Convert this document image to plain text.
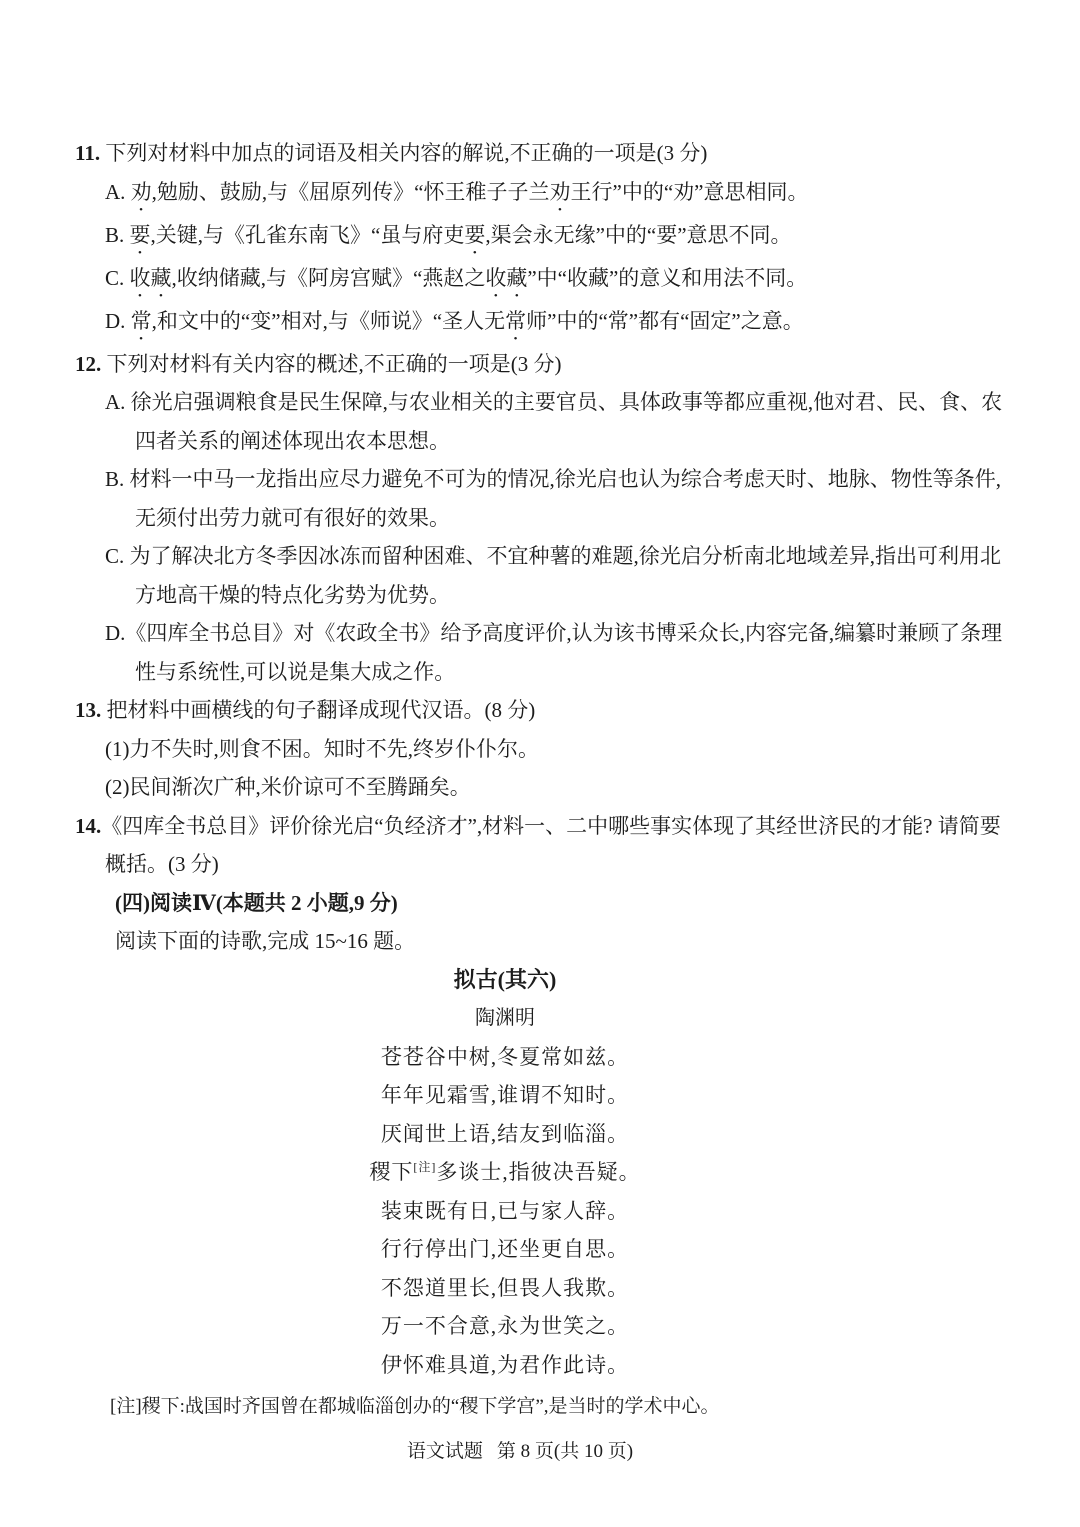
11. 下列对材料中加点的词语及相关内容的解说,不正确的一项是(3 分)

A. 劝,勉励、鼓励,与《屈原列传》“怀王稚子子兰劝王行”中的“劝”意思相同。

B. 要,关键,与《孔雀东南飞》“虽与府吏要,渠会永无缘”中的“要”意思不同。

C. 收藏,收纳储藏,与《阿房宫赋》“燕赵之收藏”中“收藏”的意义和用法不同。

D. 常,和文中的“变”相对,与《师说》“圣人无常师”中的“常”都有“固定”之意。

12. 下列对材料有关内容的概述,不正确的一项是(3 分)

A. 徐光启强调粮食是民生保障,与农业相关的主要官员、具体政事等都应重视,他对君、民、食、农四者关系的阐述体现出农本思想。

B. 材料一中马一龙指出应尽力避免不可为的情况,徐光启也认为综合考虑天时、地脉、物性等条件,无须付出劳力就可有很好的效果。

C. 为了解决北方冬季因冰冻而留种困难、不宜种薯的难题,徐光启分析南北地域差异,指出可利用北方地高干燥的特点化劣势为优势。

D.《四库全书总目》对《农政全书》给予高度评价,认为该书博采众长,内容完备,编纂时兼顾了条理性与系统性,可以说是集大成之作。

13. 把材料中画横线的句子翻译成现代汉语。(8 分)

(1)力不失时,则食不困。知时不先,终岁仆仆尔。

(2)民间渐次广种,米价谅可不至腾踊矣。

14.《四库全书总目》评价徐光启“负经济才”,材料一、二中哪些事实体现了其经世济民的才能? 请简要概括。(3 分)

(四)阅读Ⅳ(本题共 2 小题,9 分)

阅读下面的诗歌,完成 15~16 题。

拟古(其六)

陶渊明

苍苍谷中树,冬夏常如兹。

年年见霜雪,谁谓不知时。

厌闻世上语,结友到临淄。

稷下[注]多谈士,指彼决吾疑。

装束既有日,已与家人辞。

行行停出门,还坐更自思。

不怨道里长,但畏人我欺。

万一不合意,永为世笑之。

伊怀难具道,为君作此诗。

[注]稷下:战国时齐国曾在都城临淄创办的“稷下学宫”,是当时的学术中心。

语文试题 第 8 页(共 10 页)
